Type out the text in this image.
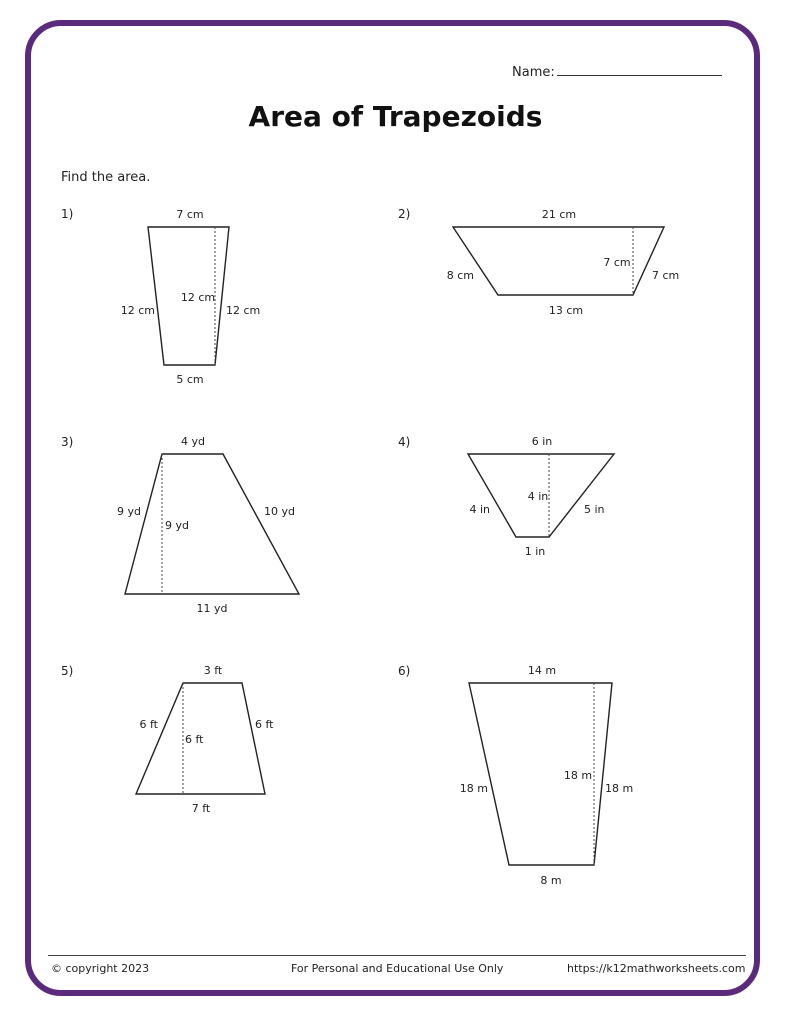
Name:
Area of Trapezoids
Find the area.
1)	2)
3)	4)
5)	6)
7 cm
12 cm
12 cm
12 cm
5 cm
21 cm
8 cm
7 cm
7 cm
13 cm
4 yd
9 yd
9 yd
10 yd
11 yd
6 in
4 in
4 in
5 in
1 in
3 ft
6 ft
6 ft
6 ft
7 ft
14 m
18 m
18 m
18 m
8 m
© copyright 2023	For Personal and Educational Use Only	https://k12mathworksheets.com
